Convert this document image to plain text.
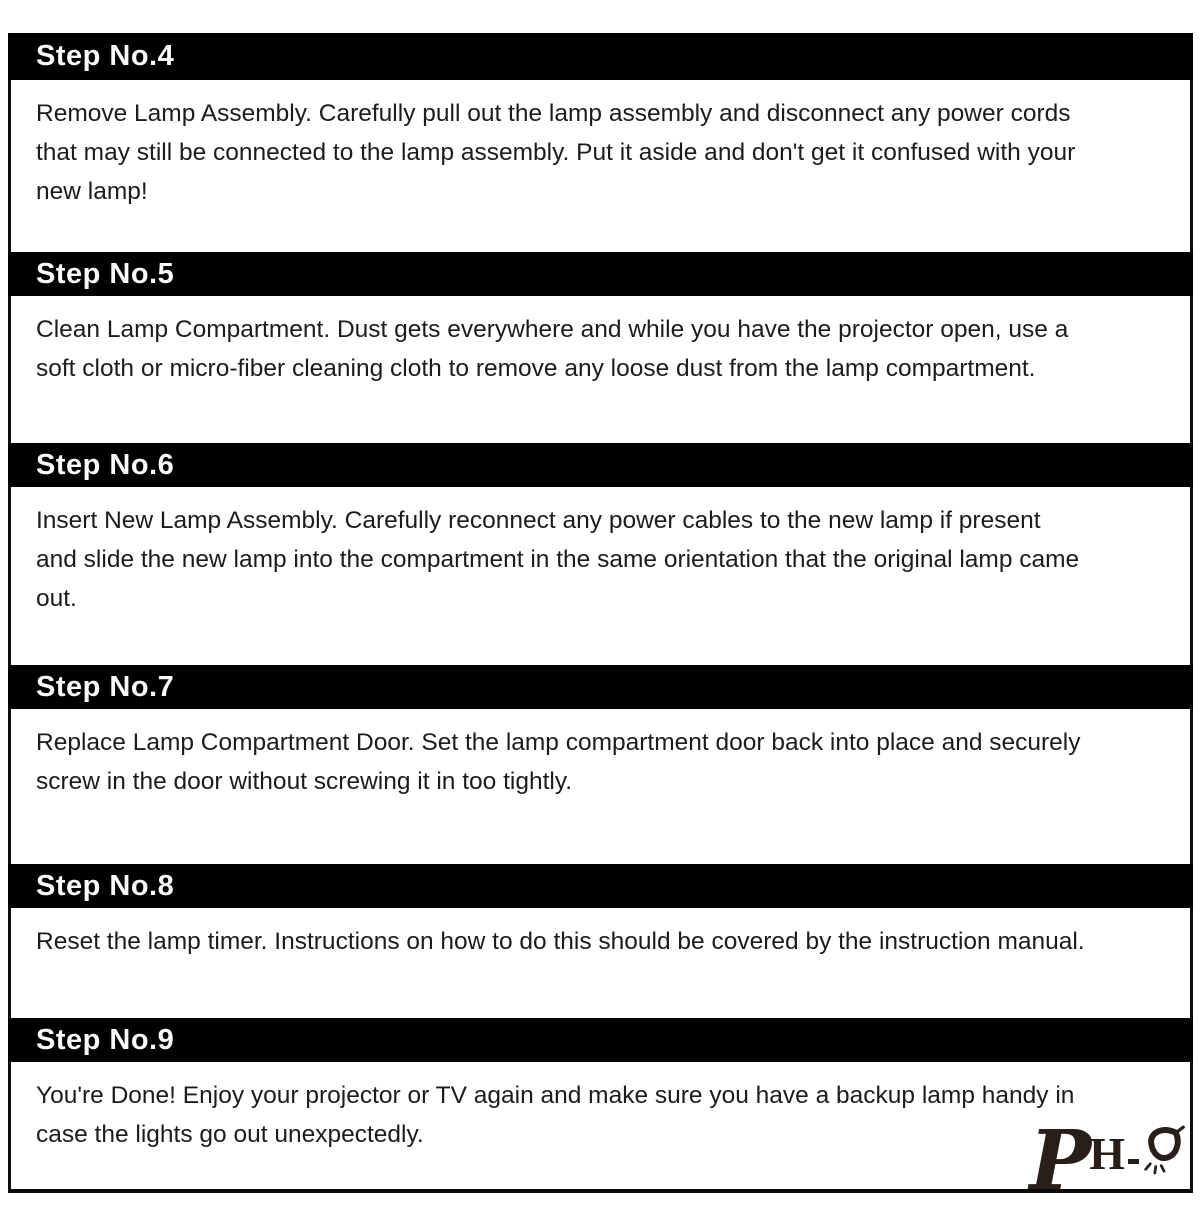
Step No.4
Remove Lamp Assembly. Carefully pull out the lamp assembly and disconnect any power cords
that may still be connected to the lamp assembly. Put it aside and don't get it confused with your
new lamp!
Step No.5
Clean Lamp Compartment. Dust gets everywhere and while you have the projector open, use a
soft cloth or micro-fiber cleaning cloth to remove any loose dust from the lamp compartment.
Step No.6
Insert New Lamp Assembly. Carefully reconnect any power cables to the new lamp if present
and slide the new lamp into the compartment in the same orientation that the original lamp came
out.
Step No.7
Replace Lamp Compartment Door. Set the lamp compartment door back into place and securely
screw in the door without screwing it in too tightly.
Step No.8
Reset the lamp timer. Instructions on how to do this should be covered by the instruction manual.
Step No.9
You're Done! Enjoy your projector or TV again and make sure you have a backup lamp handy in
case the lights go out unexpectedly.	P H
